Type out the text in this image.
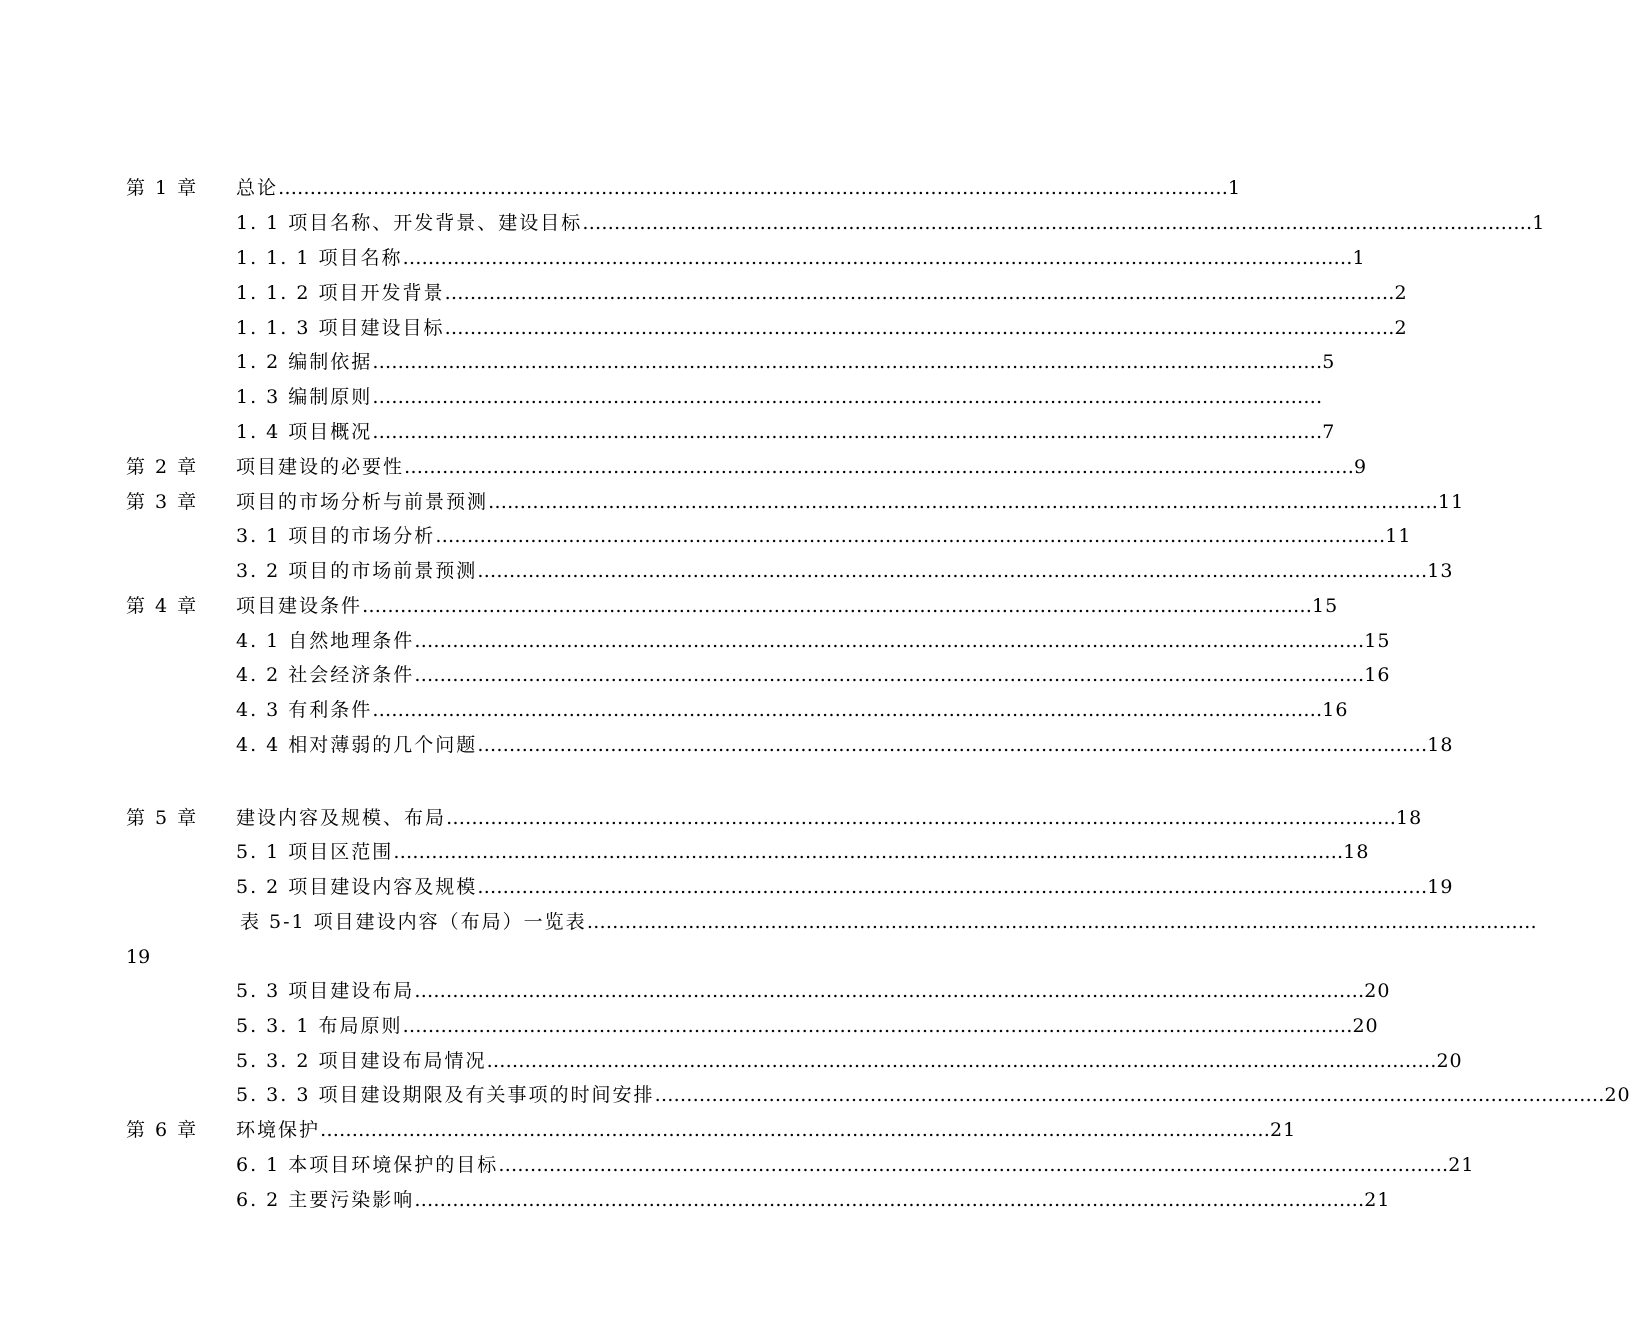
第 1 章 总论 …………………………………………………………………………………………………………………………………… 1
1. 1 项目名称、开发背景、建设目标 …………………………………………………………………………………………………………………………………… 1
1. 1. 1 项目名称 …………………………………………………………………………………………………………………………………… 1
1. 1. 2 项目开发背景 …………………………………………………………………………………………………………………………………… 2
1. 1. 3 项目建设目标 …………………………………………………………………………………………………………………………………… 2
1. 2 编制依据 …………………………………………………………………………………………………………………………………… 5
1. 3 编制原则 ……………………………………………………………………………………………………………………………………
1. 4 项目概况 …………………………………………………………………………………………………………………………………… 7
第 2 章 项目建设的必要性 …………………………………………………………………………………………………………………………………… 9
第 3 章 项目的市场分析与前景预测 …………………………………………………………………………………………………………………………………… 11
3. 1 项目的市场分析 …………………………………………………………………………………………………………………………………… 11
3. 2 项目的市场前景预测 …………………………………………………………………………………………………………………………………… 13
第 4 章 项目建设条件 …………………………………………………………………………………………………………………………………… 15
4. 1 自然地理条件 …………………………………………………………………………………………………………………………………… 15
4. 2 社会经济条件 …………………………………………………………………………………………………………………………………… 16
4. 3 有利条件 …………………………………………………………………………………………………………………………………… 16
4. 4 相对薄弱的几个问题 …………………………………………………………………………………………………………………………………… 18
第 5 章 建设内容及规模、布局 …………………………………………………………………………………………………………………………………… 18
5. 1 项目区范围 …………………………………………………………………………………………………………………………………… 18
5. 2 项目建设内容及规模 …………………………………………………………………………………………………………………………………… 19
表 5-1 项目建设内容（布局）一览表 ……………………………………………………………………………………………………………………………………
5. 3 项目建设布局 …………………………………………………………………………………………………………………………………… 20
5. 3. 1 布局原则 …………………………………………………………………………………………………………………………………… 20
5. 3. 2 项目建设布局情况 …………………………………………………………………………………………………………………………………… 20
5. 3. 3 项目建设期限及有关事项的时间安排 …………………………………………………………………………………………………………………………………… 20
第 6 章 环境保护 …………………………………………………………………………………………………………………………………… 21
6. 1 本项目环境保护的目标 …………………………………………………………………………………………………………………………………… 21
6. 2 主要污染影响 …………………………………………………………………………………………………………………………………… 21
19
